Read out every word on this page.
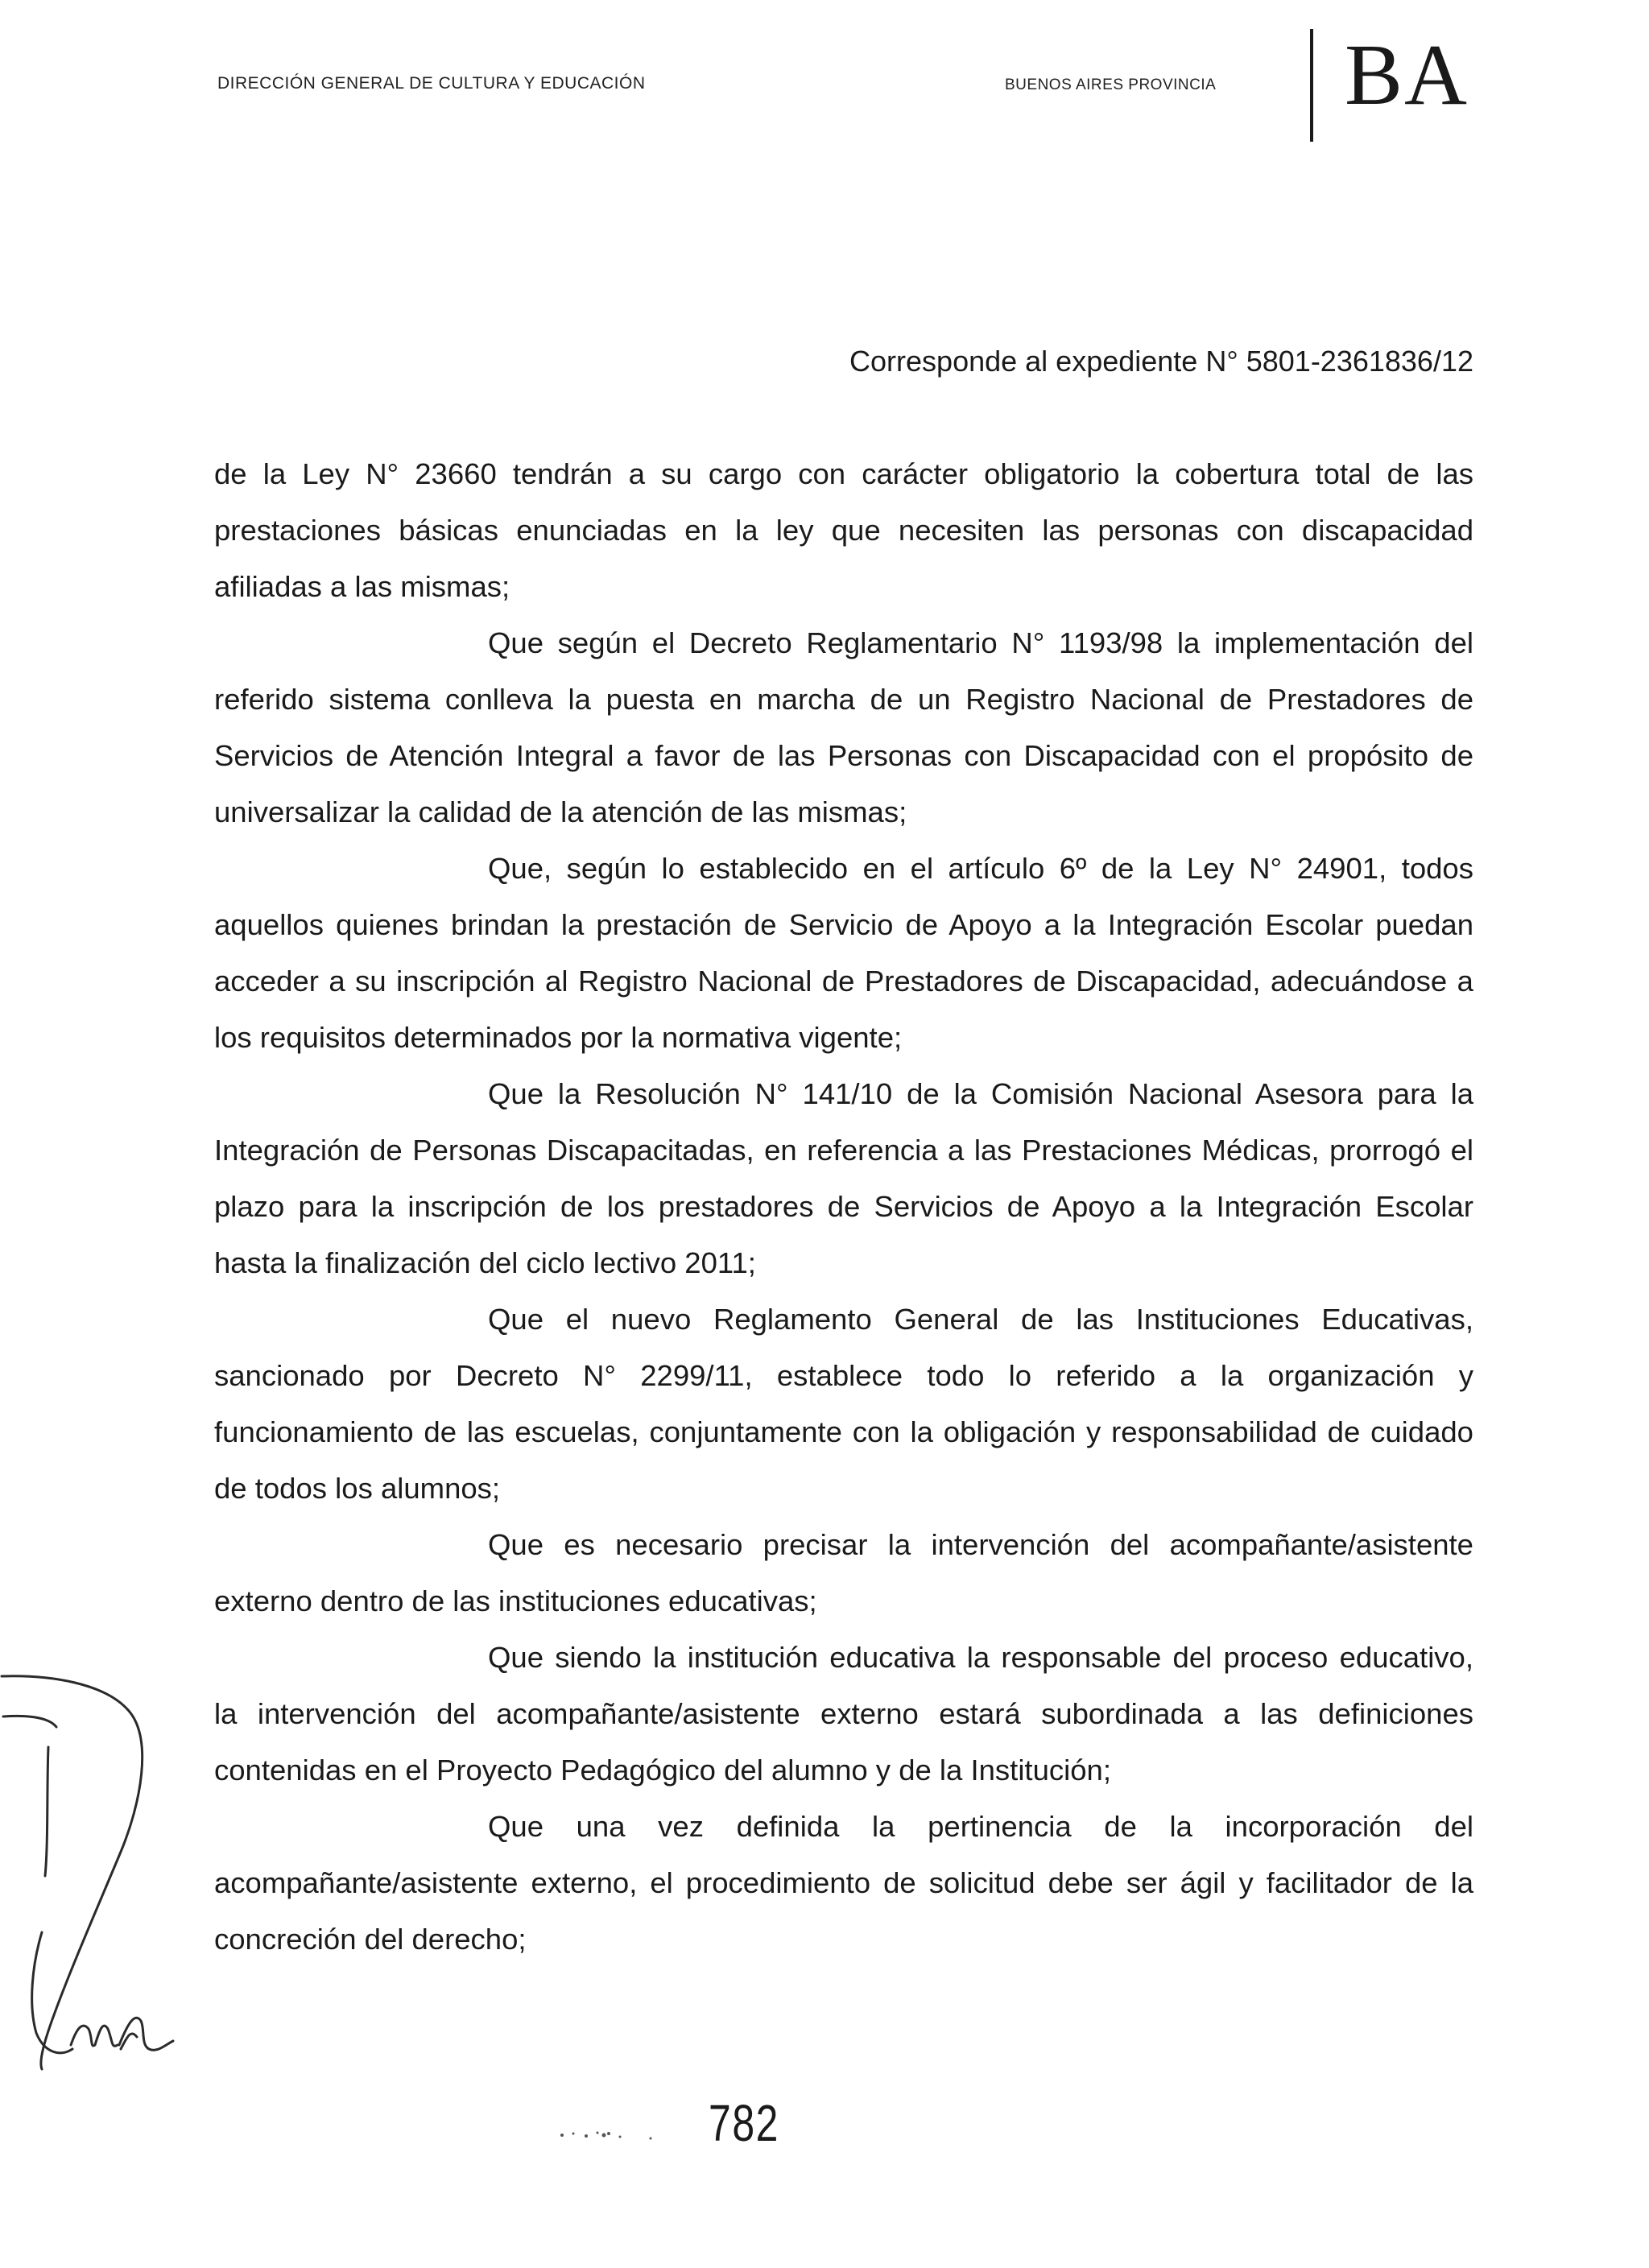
DIRECCIÓN GENERAL DE CULTURA Y EDUCACIÓN	BUENOS AIRES PROVINCIA BA
Corresponde al expediente N° 5801-2361836/12

de la Ley N° 23660 tendrán a su cargo con carácter obligatorio la cobertura total de las prestaciones básicas enunciadas en la ley que necesiten las personas con discapacidad afiliadas a las mismas;

Que según el Decreto Reglamentario N° 1193/98 la implementación del referido sistema conlleva la puesta en marcha de un Registro Nacional de Prestadores de Servicios de Atención Integral a favor de las Personas con Discapacidad con el propósito de universalizar la calidad de la atención de las mismas;

Que, según lo establecido en el artículo 6º de la Ley N° 24901, todos aquellos quienes brindan la prestación de Servicio de Apoyo a la Integración Escolar puedan acceder a su inscripción al Registro Nacional de Prestadores de Discapacidad, adecuándose a los requisitos determinados por la normativa vigente;

Que la Resolución N° 141/10 de la Comisión Nacional Asesora para la Integración de Personas Discapacitadas, en referencia a las Prestaciones Médicas, prorrogó el plazo para la inscripción de los prestadores de Servicios de Apoyo a la Integración Escolar hasta la finalización del ciclo lectivo 2011;

Que el nuevo Reglamento General de las Instituciones Educativas, sancionado por Decreto N° 2299/11, establece todo lo referido a la organización y funcionamiento de las escuelas, conjuntamente con la obligación y responsabilidad de cuidado de todos los alumnos;

Que es necesario precisar la intervención del acompañante/asistente externo dentro de las instituciones educativas;

Que siendo la institución educativa la responsable del proceso educativo, la intervención del acompañante/asistente externo estará subordinada a las definiciones contenidas en el Proyecto Pedagógico del alumno y de la Institución;

Que una vez definida la pertinencia de la incorporación del acompañante/asistente externo, el procedimiento de solicitud debe ser ágil y facilitador de la concreción del derecho;

782
